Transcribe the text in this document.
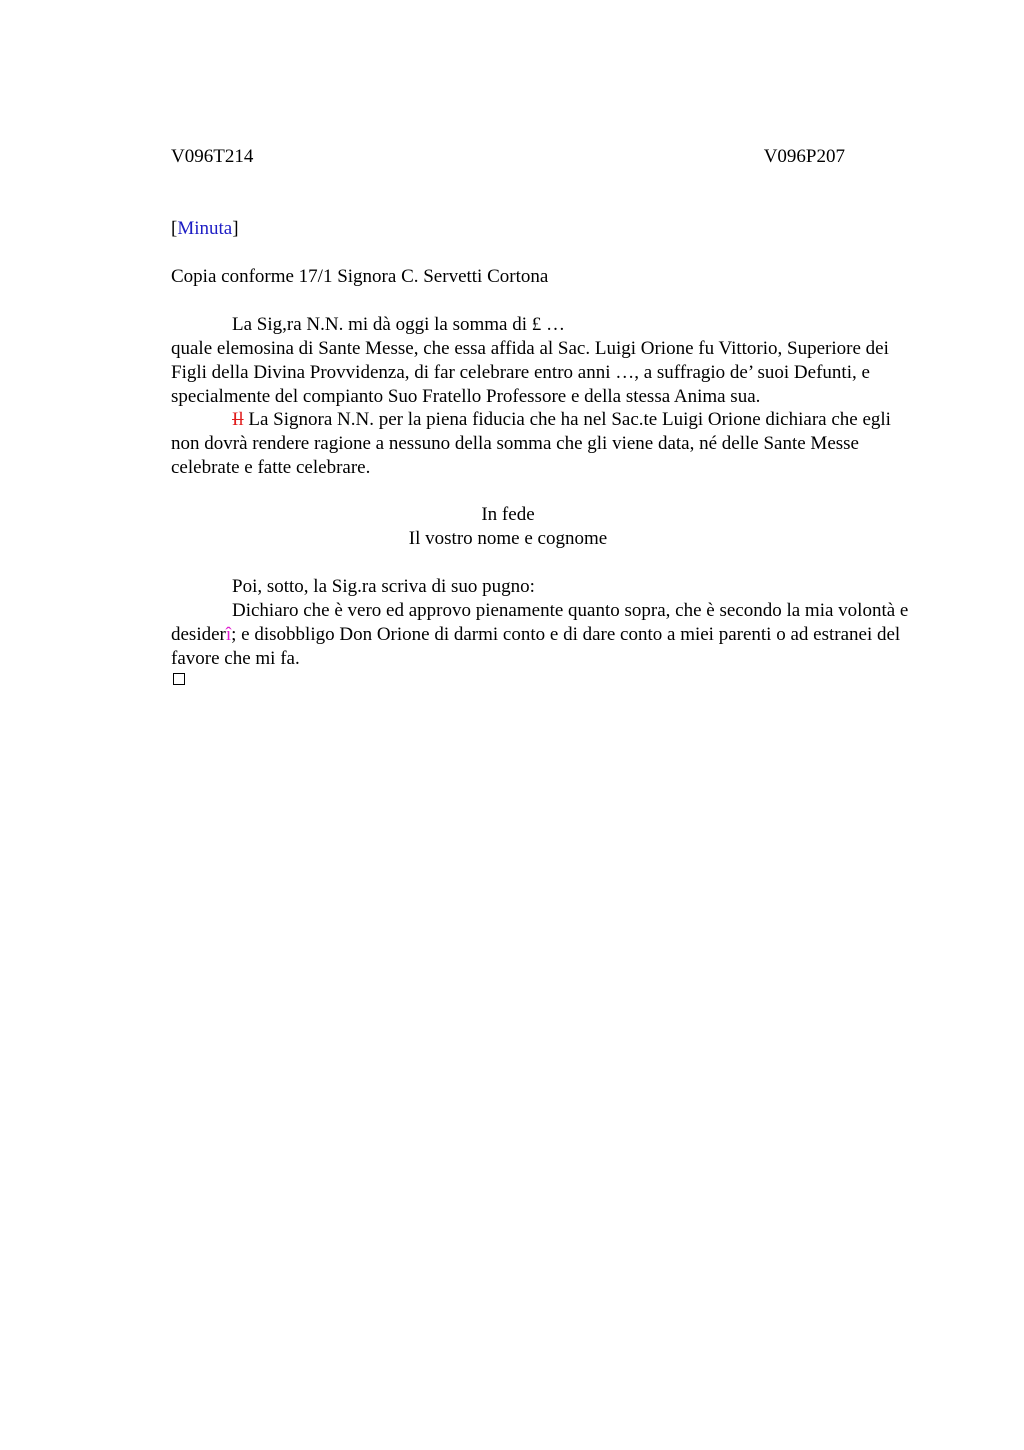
V096T214	V096P207
[Minuta]
Copia conforme 17/1 Signora C. Servetti Cortona

La Sig,ra N.N. mi dà oggi la somma di £ …

quale elemosina di Sante Messe, che essa affida al Sac. Luigi Orione fu Vittorio, Superiore dei Figli della Divina Provvidenza, di far celebrare entro anni …, a suffragio de’ suoi Defunti, e specialmente del compianto Suo Fratello Professore e della stessa Anima sua.

Il La Signora N.N. per la piena fiducia che ha nel Sac.te Luigi Orione dichiara che egli non dovrà rendere ragione a nessuno della somma che gli viene data, né delle Sante Messe celebrate e fatte celebrare.

In fede

Il vostro nome e cognome

Poi, sotto, la Sig.ra scriva di suo pugno:

Dichiaro che è vero ed approvo pienamente quanto sopra, che è secondo la mia volontà e desiderî; e disobbligo Don Orione di darmi conto e di dare conto a miei parenti o ad estranei del favore che mi fa.
